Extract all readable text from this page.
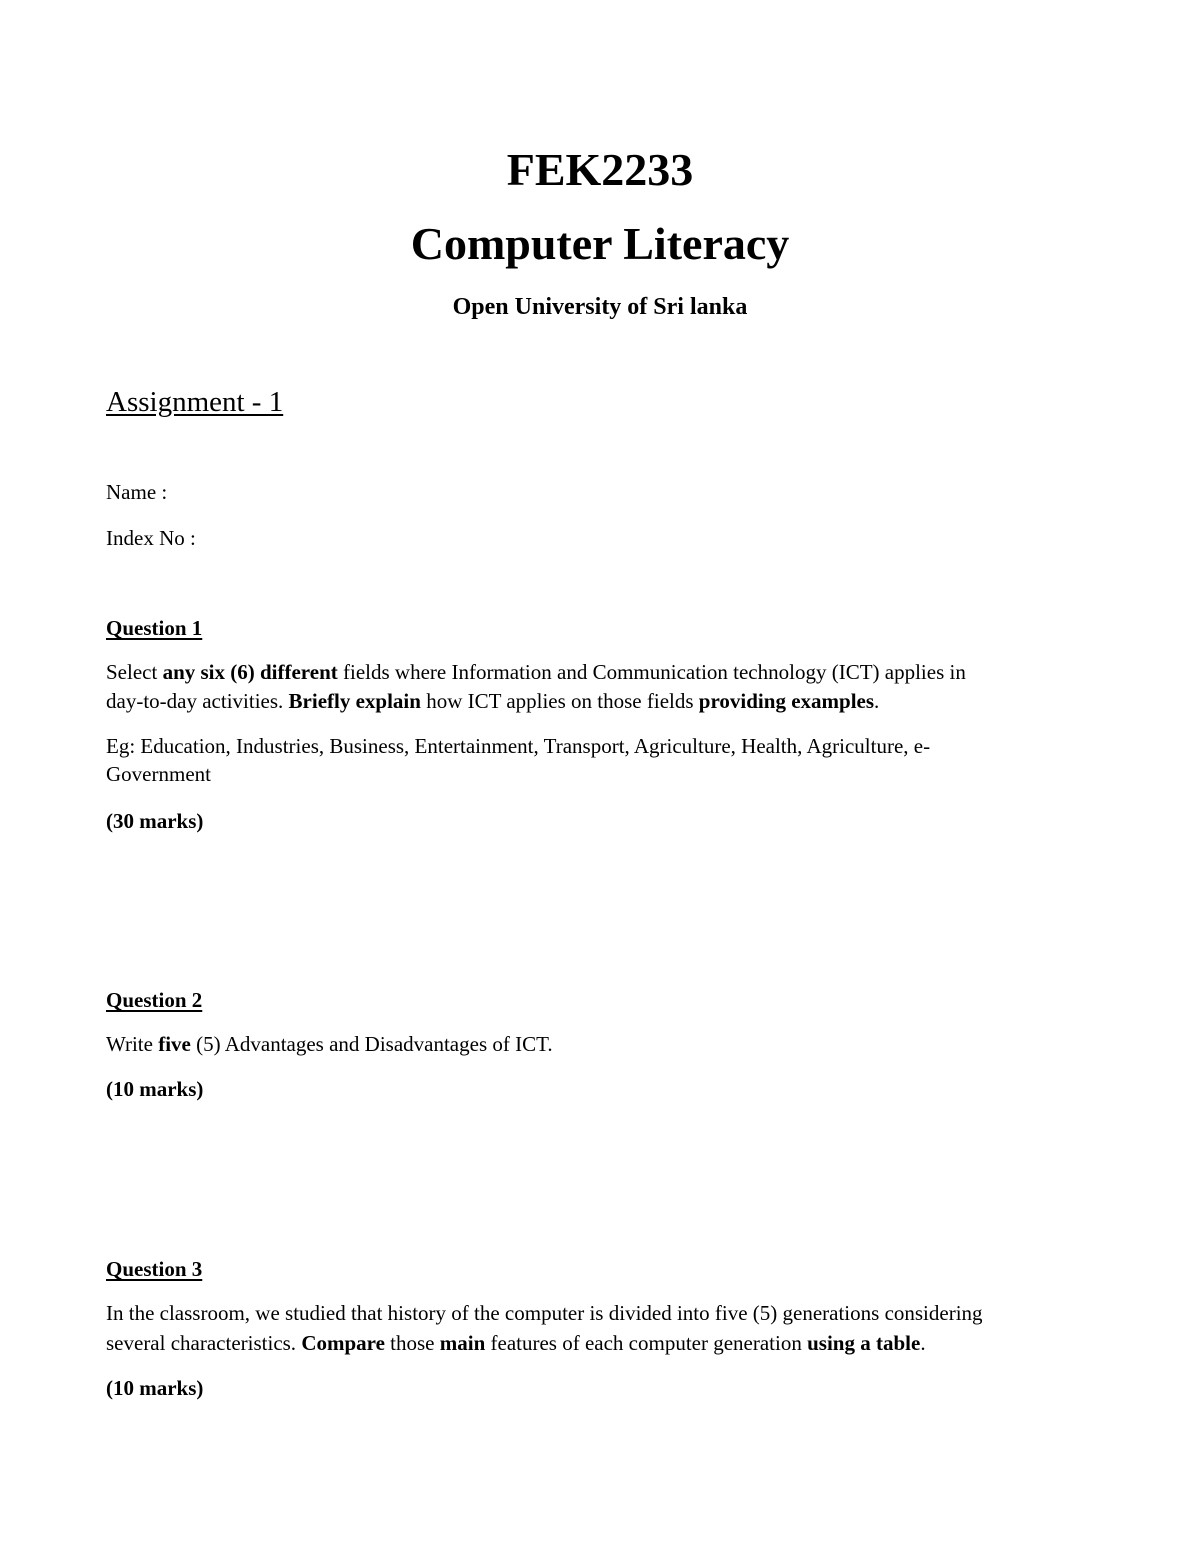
FEK2233
Computer Literacy
Open University of Sri lanka
Assignment - 1
Name :
Index No :
Question 1
Select any six (6) different fields where Information and Communication technology (ICT) applies in
day-to-day activities. Briefly explain how ICT applies on those fields providing examples.
Eg: Education, Industries, Business, Entertainment, Transport, Agriculture, Health, Agriculture, e-
Government
(30 marks)
Question 2
Write five (5) Advantages and Disadvantages of ICT.
(10 marks)
Question 3
In the classroom, we studied that history of the computer is divided into five (5) generations considering
several characteristics. Compare those main features of each computer generation using a table.
(10 marks)
